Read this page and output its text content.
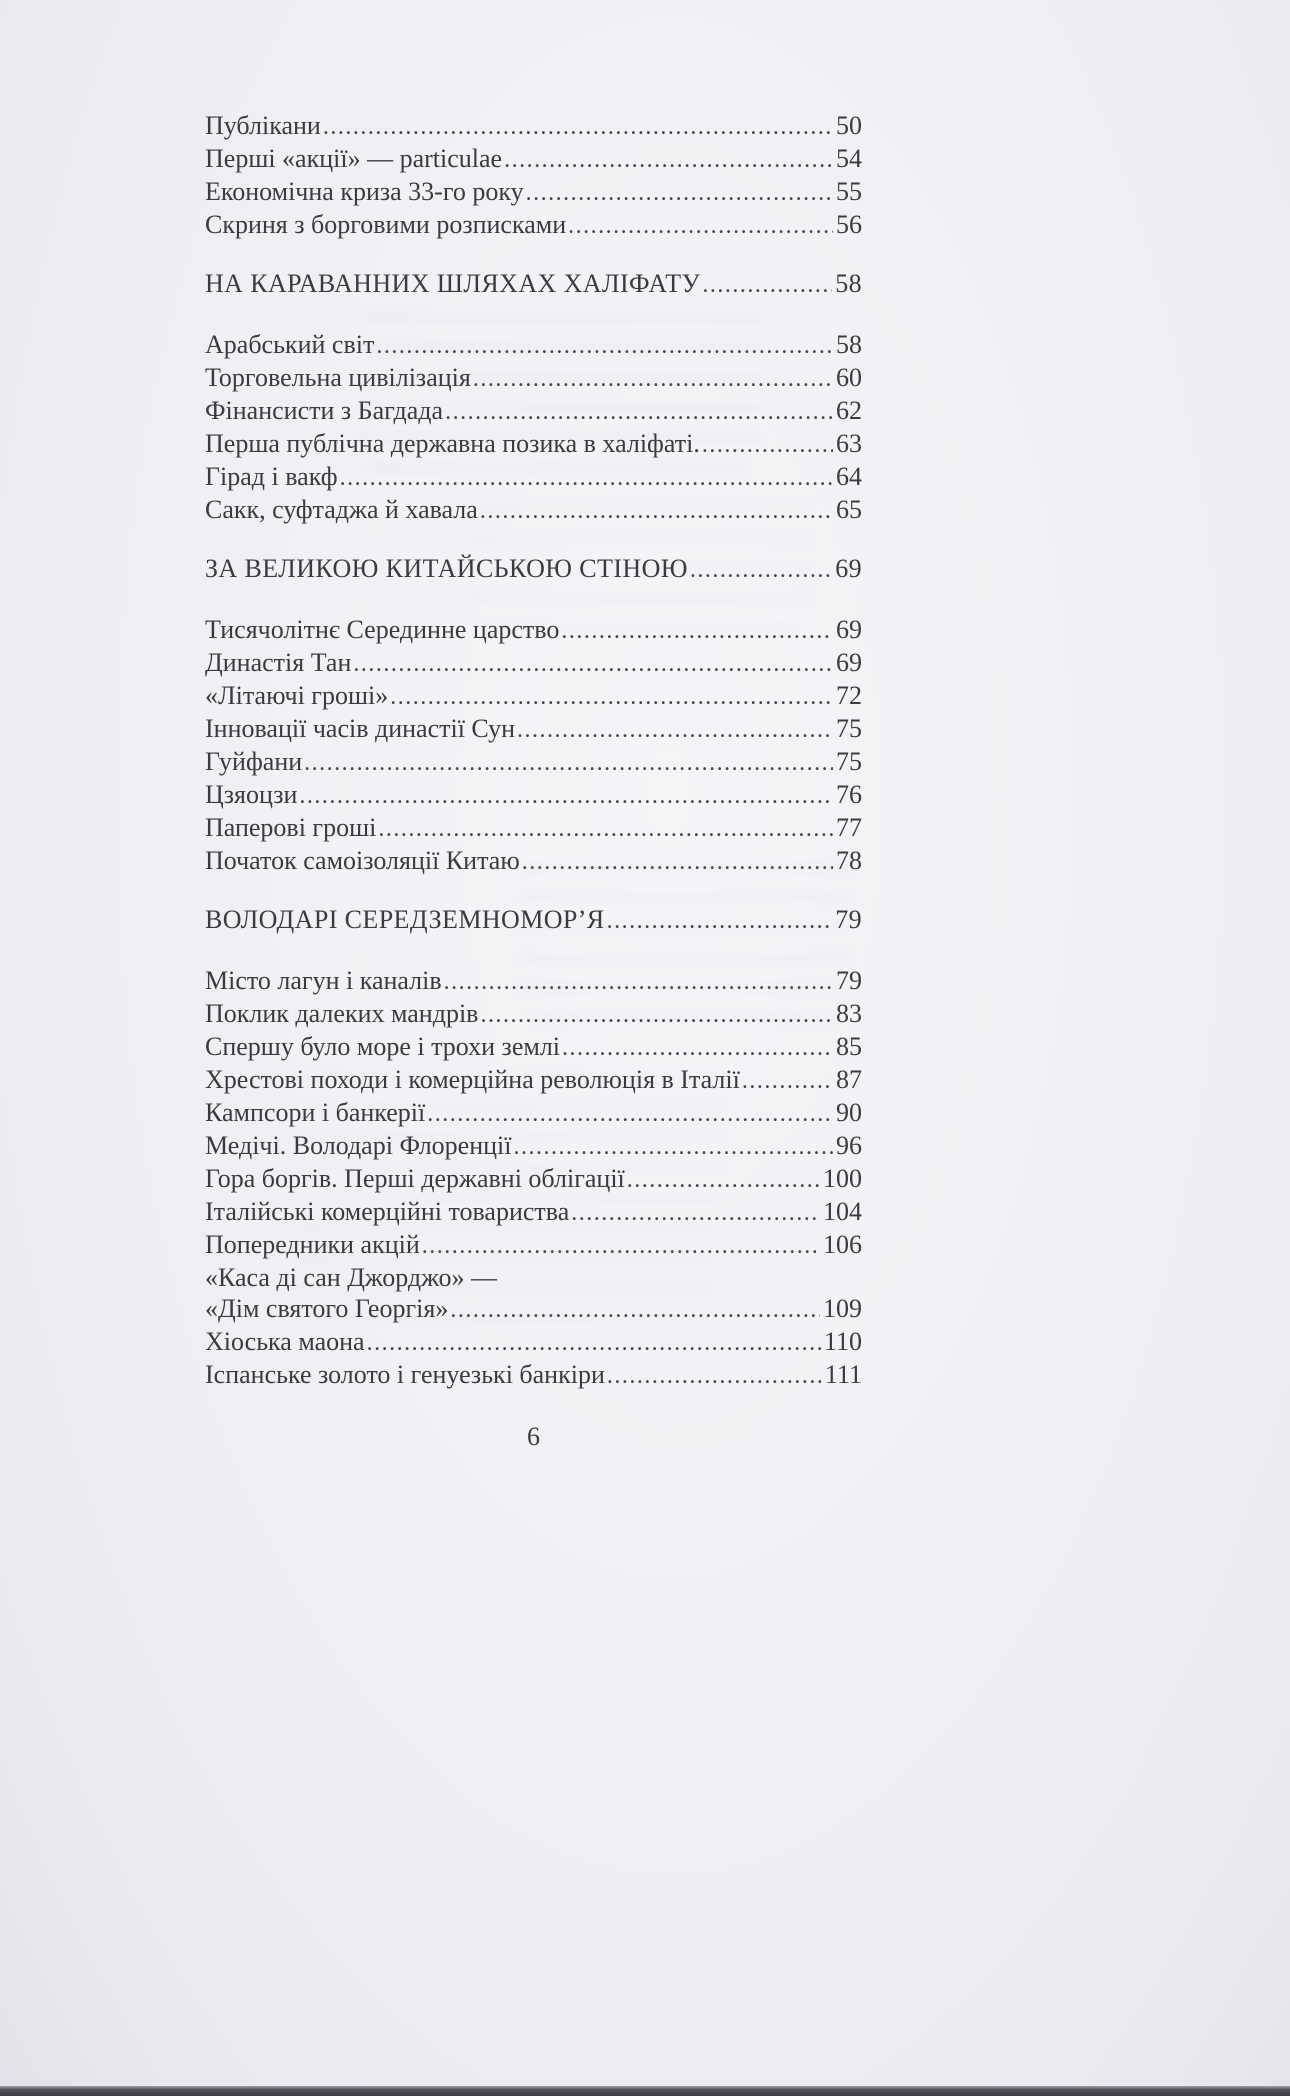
Публікани .....	50
Перші «акції» — particulae .....	54
Економічна криза 33-го року .....	55
Скриня з борговими розписками .....	56
НА КАРАВАННИХ ШЛЯХАХ ХАЛІФАТУ .....	58
Арабський світ .....	58
Торговельна цивілізація .....	60
Фінансисти з Багдада .....	62
Перша публічна державна позика в халіфаті. .....	63
Гірад і вакф .....	64
Сакк, суфтаджа й хавала .....	65
ЗА ВЕЛИКОЮ КИТАЙСЬКОЮ СТІНОЮ .....	69
Тисячолітнє Серединне царство .....	69
Династія Тан .....	69
«Літаючі гроші» .....	72
Інновації часів династії Сун .....	75
Гуйфани .....	75
Цзяоцзи .....	76
Паперові гроші .....	77
Початок самоізоляції Китаю .....	78
ВОЛОДАРІ СЕРЕДЗЕМНОМОР’Я .....	79
Місто лагун і каналів .....	79
Поклик далеких мандрів .....	83
Спершу було море і трохи землі .....	85
Хрестові походи і комерційна революція в Італії .....	87
Кампсори і банкерії .....	90
Медічі. Володарі Флоренції .....	96
Гора боргів. Перші державні облігації .....	100
Італійські комерційні товариства .....	104
Попередники акцій .....	106
«Каса ді сан Джорджо» —
«Дім святого Георгія» .....	109
Хіоська маона .....	110
Іспанське золото і генуезькі банкіри .....	111
6
